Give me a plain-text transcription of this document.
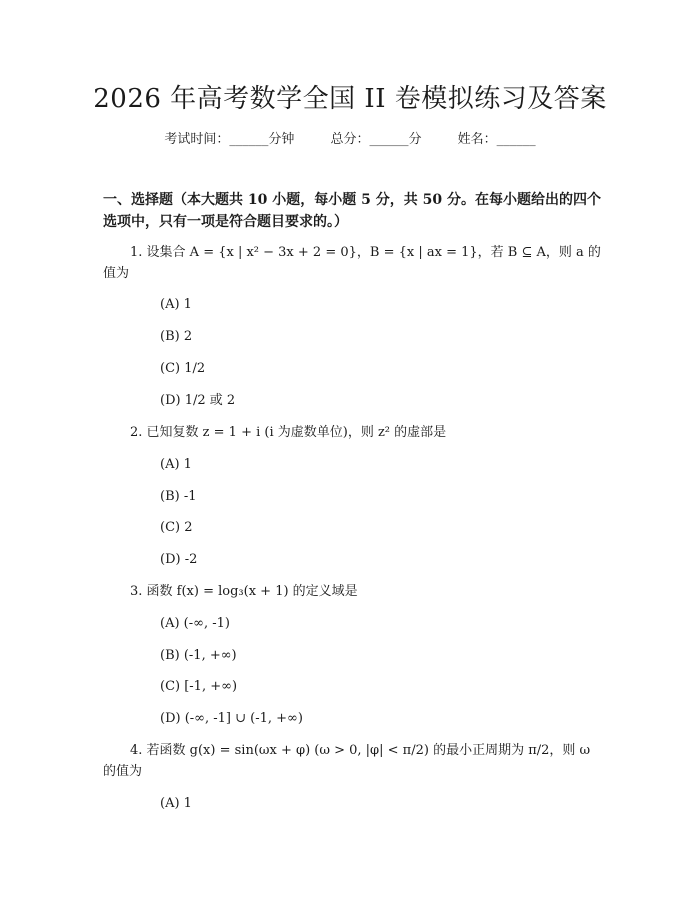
2026 年高考数学全国 II 卷模拟练习及答案
考试时间：______分钟	总分：______分	姓名：______
一、选择题（本大题共 10 小题，每小题 5 分，共 50 分。在每小题给出的四个选项中，只有一项是符合题目要求的。）
1. 设集合 A = {x | x² − 3x + 2 = 0}，B = {x | ax = 1}，若 B ⊆ A，则 a 的值为
(A) 1
(B) 2
(C) 1/2
(D) 1/2 或 2
2. 已知复数 z = 1 + i (i 为虚数单位)，则 z² 的虚部是
(A) 1
(B) -1
(C) 2
(D) -2
3. 函数 f(x) = log₃(x + 1) 的定义域是
(A) (-∞, -1)
(B) (-1, +∞)
(C) [-1, +∞)
(D) (-∞, -1] ∪ (-1, +∞)
4. 若函数 g(x) = sin(ωx + φ) (ω > 0, |φ| < π/2) 的最小正周期为 π/2，则 ω 的值为
(A) 1
